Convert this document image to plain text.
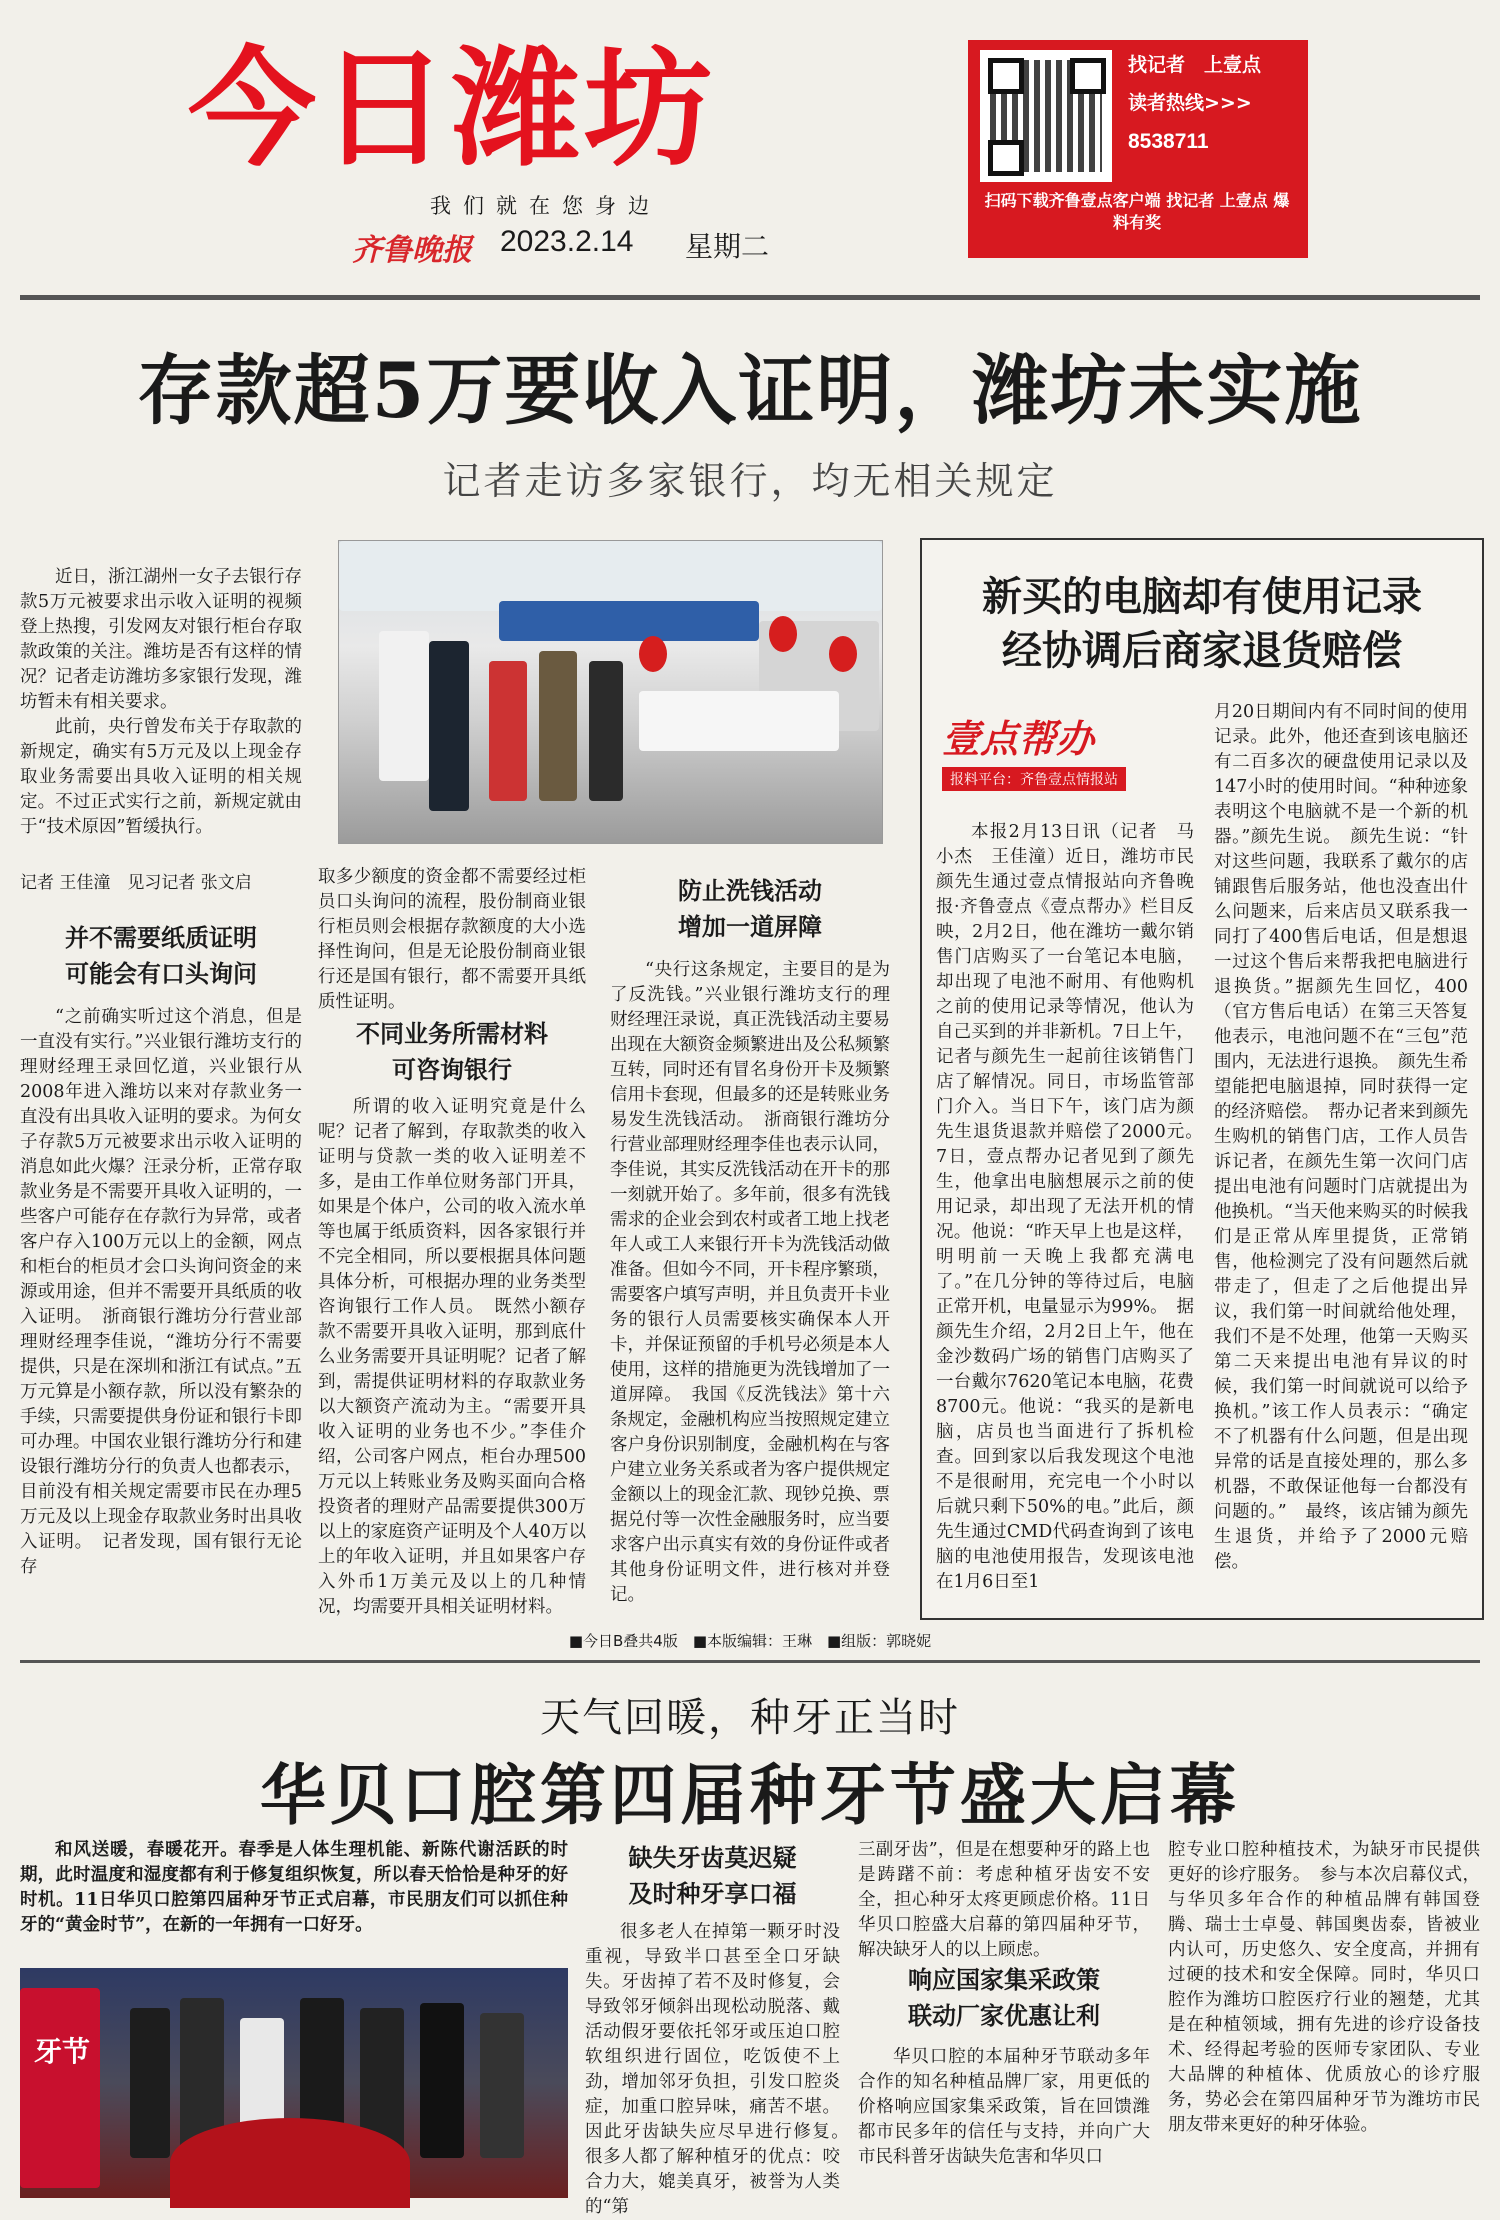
今日潍坊
我们就在您身边
齐鲁晚报 2023.2.14 星期二
找记者　上壹点
读者热线>>>
8538711
扫码下载齐鲁壹点客户端 找记者 上壹点 爆料有奖
存款超5万要收入证明，潍坊未实施
记者走访多家银行，均无相关规定

近日，浙江湖州一女子去银行存款5万元被要求出示收入证明的视频登上热搜，引发网友对银行柜台存取款政策的关注。潍坊是否有这样的情况？记者走访潍坊多家银行发现，潍坊暂未有相关要求。

此前，央行曾发布关于存取款的新规定，确实有5万元及以上现金存取业务需要出具收入证明的相关规定。不过正式实行之前，新规定就由于“技术原因”暂缓执行。

记者 王佳潼　见习记者 张文启
并不需要纸质证明
可能会有口头询问
“之前确实听过这个消息，但是一直没有实行。”兴业银行潍坊支行的理财经理王录回忆道，兴业银行从2008年进入潍坊以来对存款业务一直没有出具收入证明的要求。为何女子存款5万元被要求出示收入证明的消息如此火爆？汪录分析，正常存取款业务是不需要开具收入证明的，一些客户可能存在存款行为异常，或者客户存入100万元以上的金额，网点和柜台的柜员才会口头询问资金的来源或用途，但并不需要开具纸质的收入证明。　浙商银行潍坊分行营业部理财经理李佳说，“潍坊分行不需要提供，只是在深圳和浙江有试点。”五万元算是小额存款，所以没有繁杂的手续，只需要提供身份证和银行卡即可办理。中国农业银行潍坊分行和建设银行潍坊分行的负责人也都表示，目前没有相关规定需要市民在办理5万元及以上现金存取款业务时出具收入证明。　记者发现，国有银行无论存
取多少额度的资金都不需要经过柜员口头询问的流程，股份制商业银行柜员则会根据存款额度的大小选择性询问，但是无论股份制商业银行还是国有银行，都不需要开具纸质性证明。
不同业务所需材料
可咨询银行
所谓的收入证明究竟是什么呢？记者了解到，存取款类的收入证明与贷款一类的收入证明差不多，是由工作单位财务部门开具，如果是个体户，公司的收入流水单等也属于纸质资料，因各家银行并不完全相同，所以要根据具体问题具体分析，可根据办理的业务类型咨询银行工作人员。　既然小额存款不需要开具收入证明，那到底什么业务需要开具证明呢？记者了解到，需提供证明材料的存取款业务以大额资产流动为主。“需要开具收入证明的业务也不少。”李佳介绍，公司客户网点，柜台办理500万元以上转账业务及购买面向合格投资者的理财产品需要提供300万以上的家庭资产证明及个人40万以上的年收入证明，并且如果客户存入外币1万美元及以上的几种情况，均需要开具相关证明材料。
防止洗钱活动
增加一道屏障
“央行这条规定，主要目的是为了反洗钱。”兴业银行潍坊支行的理财经理汪录说，真正洗钱活动主要易出现在大额资金频繁进出及公私频繁互转，同时还有冒名身份开卡及频繁信用卡套现，但最多的还是转账业务易发生洗钱活动。　浙商银行潍坊分行营业部理财经理李佳也表示认同，李佳说，其实反洗钱活动在开卡的那一刻就开始了。多年前，很多有洗钱需求的企业会到农村或者工地上找老年人或工人来银行开卡为洗钱活动做准备。但如今不同，开卡程序繁琐，需要客户填写声明，并且负责开卡业务的银行人员需要核实确保本人开卡，并保证预留的手机号必须是本人使用，这样的措施更为洗钱增加了一道屏障。　我国《反洗钱法》第十六条规定，金融机构应当按照规定建立客户身份识别制度，金融机构在与客户建立业务关系或者为客户提供规定金额以上的现金汇款、现钞兑换、票据兑付等一次性金融服务时，应当要求客户出示真实有效的身份证件或者其他身份证明文件，进行核对并登记。
新买的电脑却有使用记录
经协调后商家退货赔偿
壹点帮办
报料平台：齐鲁壹点情报站
本报2月13日讯（记者　马小杰　王佳潼）近日，潍坊市民颜先生通过壹点情报站向齐鲁晚报·齐鲁壹点《壹点帮办》栏目反映，2月2日，他在潍坊一戴尔销售门店购买了一台笔记本电脑，却出现了电池不耐用、有他购机之前的使用记录等情况，他认为自己买到的并非新机。7日上午，记者与颜先生一起前往该销售门店了解情况。同日，市场监管部门介入。当日下午，该门店为颜先生退货退款并赔偿了2000元。　7日，壹点帮办记者见到了颜先生，他拿出电脑想展示之前的使用记录，却出现了无法开机的情况。他说：“昨天早上也是这样，明明前一天晚上我都充满电了。”在几分钟的等待过后，电脑正常开机，电量显示为99%。　据颜先生介绍，2月2日上午，他在金沙数码广场的销售门店购买了一台戴尔7620笔记本电脑，花费8700元。他说：“我买的是新电脑，店员也当面进行了拆机检查。回到家以后我发现这个电池不是很耐用，充完电一个小时以后就只剩下50%的电。”此后，颜先生通过CMD代码查询到了该电脑的电池使用报告，发现该电池在1月6日至1
月20日期间内有不同时间的使用记录。此外，他还查到该电脑还有二百多次的硬盘使用记录以及147小时的使用时间。“种种迹象表明这个电脑就不是一个新的机器。”颜先生说。　颜先生说：“针对这些问题，我联系了戴尔的店铺跟售后服务站，他也没查出什么问题来，后来店员又联系我一同打了400售后电话，但是想退一过这个售后来帮我把电脑进行退换货。”据颜先生回忆，400（官方售后电话）在第三天答复他表示，电池问题不在“三包”范围内，无法进行退换。　颜先生希望能把电脑退掉，同时获得一定的经济赔偿。　帮办记者来到颜先生购机的销售门店，工作人员告诉记者，在颜先生第一次问门店提出电池有问题时门店就提出为他换机。“当天他来购买的时候我们是正常从库里提货，正常销售，他检测完了没有问题然后就带走了，但走了之后他提出异议，我们第一时间就给他处理，我们不是不处理，他第一天购买第二天来提出电池有异议的时候，我们第一时间就说可以给予换机。”该工作人员表示：“确定不了机器有什么问题，但是出现异常的话是直接处理的，那么多机器，不敢保证他每一台都没有问题的。”　最终，该店铺为颜先生退货，并给予了2000元赔偿。
■今日B叠共4版　■本版编辑：王琳　■组版：郭晓妮
天气回暖，种牙正当时
华贝口腔第四届种牙节盛大启幕
和风送暖，春暖花开。春季是人体生理机能、新陈代谢活跃的时期，此时温度和湿度都有利于修复组织恢复，所以春天恰恰是种牙的好时机。11日华贝口腔第四届种牙节正式启幕，市民朋友们可以抓住种牙的“黄金时节”，在新的一年拥有一口好牙。
牙节
缺失牙齿莫迟疑
及时种牙享口福
很多老人在掉第一颗牙时没重视，导致半口甚至全口牙缺失。牙齿掉了若不及时修复，会导致邻牙倾斜出现松动脱落、戴活动假牙要依托邻牙或压迫口腔软组织进行固位，吃饭使不上劲，增加邻牙负担，引发口腔炎症，加重口腔异味，痛苦不堪。因此牙齿缺失应尽早进行修复。　很多人都了解种植牙的优点：咬合力大，媲美真牙，被誉为人类的“第
三副牙齿”，但是在想要种牙的路上也是踌躇不前：考虑种植牙齿安不安全，担心种牙太疼更顾虑价格。11日华贝口腔盛大启幕的第四届种牙节，解决缺牙人的以上顾虑。
响应国家集采政策
联动厂家优惠让利
华贝口腔的本届种牙节联动多年合作的知名种植品牌厂家，用更低的价格响应国家集采政策，旨在回馈潍都市民多年的信任与支持，并向广大市民科普牙齿缺失危害和华贝口
腔专业口腔种植技术，为缺牙市民提供更好的诊疗服务。　参与本次启幕仪式，与华贝多年合作的种植品牌有韩国登腾、瑞士士卓曼、韩国奥齿泰，皆被业内认可，历史悠久、安全度高，并拥有过硬的技术和安全保障。同时，华贝口腔作为潍坊口腔医疗行业的翘楚，尤其是在种植领域，拥有先进的诊疗设备技术、经得起考验的医师专家团队、专业大品牌的种植体、优质放心的诊疗服务，势必会在第四届种牙节为潍坊市民朋友带来更好的种牙体验。
